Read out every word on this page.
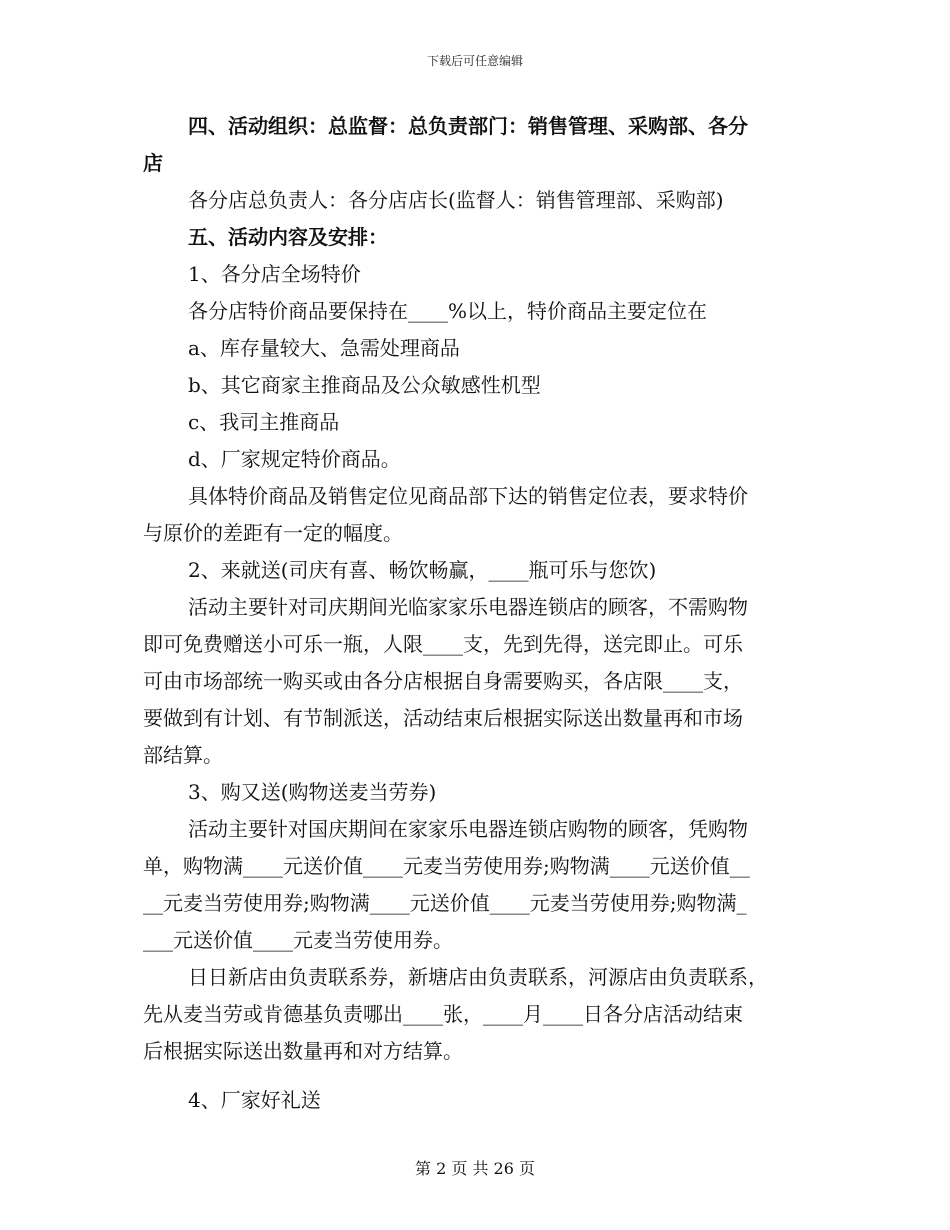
下载后可任意编辑
四、活动组织：总监督：总负责部门：销售管理、采购部、各分
店
各分店总负责人：各分店店长(监督人：销售管理部、采购部)
五、活动内容及安排：
1、各分店全场特价
各分店特价商品要保持在____%以上，特价商品主要定位在
a、库存量较大、急需处理商品
b、其它商家主推商品及公众敏感性机型
c、我司主推商品
d、厂家规定特价商品。
具体特价商品及销售定位见商品部下达的销售定位表，要求特价
与原价的差距有一定的幅度。
2、来就送(司庆有喜、畅饮畅赢，____瓶可乐与您饮)
活动主要针对司庆期间光临家家乐电器连锁店的顾客，不需购物
即可免费赠送小可乐一瓶，人限____支，先到先得，送完即止。可乐
可由市场部统一购买或由各分店根据自身需要购买，各店限____支，
要做到有计划、有节制派送，活动结束后根据实际送出数量再和市场
部结算。
3、购又送(购物送麦当劳券)
活动主要针对国庆期间在家家乐电器连锁店购物的顾客，凭购物
单，购物满____元送价值____元麦当劳使用券;购物满____元送价值__
__元麦当劳使用券;购物满____元送价值____元麦当劳使用券;购物满_
___元送价值____元麦当劳使用券。
日日新店由负责联系券，新塘店由负责联系，河源店由负责联系，
先从麦当劳或肯德基负责哪出____张，____月____日各分店活动结束
后根据实际送出数量再和对方结算。
4、厂家好礼送
第 2 页 共 26 页
